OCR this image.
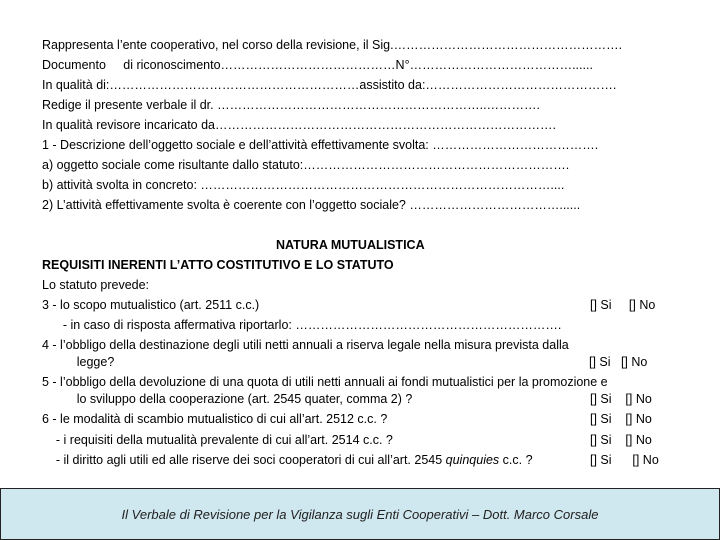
Rappresenta l’ente cooperativo, nel corso della revisione, il Sig.……………………………………………….
Documento     di riconoscimento……………………………………N°…………………………………......
In qualità di:……………………………………………………assistito da:……………………………………….
Redige il presente verbale il dr. ………………………………………………………..………….
In qualità revisore incaricato da……………………………………………………………………….
1 - Descrizione dell’oggetto sociale e dell’attività effettivamente svolta: ………………………………….
a) oggetto sociale come risultante dallo statuto:……………………………………………………….
b) attività svolta in concreto: …………………………………………………………………………....
2) L’attività effettivamente svolta è coerente con l’oggetto sociale? ………………………………......
NATURA MUTUALISTICA
REQUISITI INERENTI L’ATTO COSTITUTIVO E LO STATUTO
Lo statuto prevede:
3 - lo scopo mutualistico (art. 2511 c.c.)	[] Si     [] No
- in caso di risposta affermativa riportarlo: ……………………………………………………….
4 - l’obbligo della destinazione degli utili netti annuali a riserva legale nella misura prevista dalla
legge?	[] Si   [] No
5 - l’obbligo della devoluzione di una quota di utili netti annuali ai fondi mutualistici per la promozione e
lo sviluppo della cooperazione (art. 2545 quater, comma 2) ?	[] Si    [] No
6 - le modalità di scambio mutualistico di cui all’art. 2512 c.c. ?	[] Si    [] No
- i requisiti della mutualità prevalente di cui all’art. 2514 c.c. ?	[] Si    [] No
- il diritto agli utili ed alle riserve dei soci cooperatori di cui all’art. 2545 quinquies c.c. ?	[] Si      [] No
Il Verbale di Revisione per la Vigilanza sugli Enti Cooperativi – Dott. Marco Corsale
